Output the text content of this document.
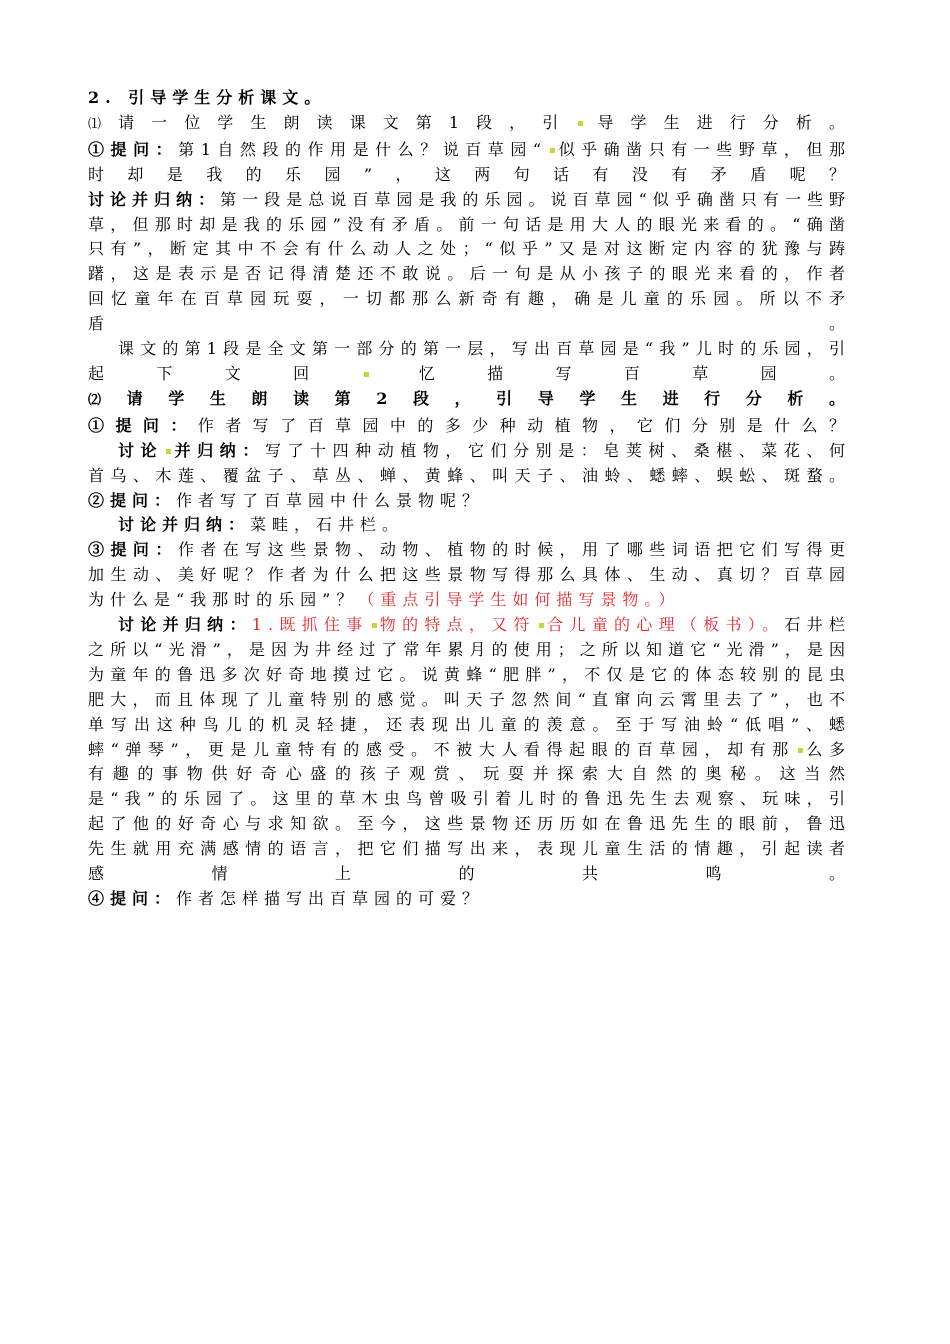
2. 引导学生分析课文。

⑴请一位学生朗读课文第1段，引 导学生进行分析。

①提问：第1自然段的作用是什么？说百草园“ 似乎确凿只有一些野草，但那时却是我的乐园”，这两句话有没有矛盾呢？

讨论并归纳：第一段是总说百草园是我的乐园。说百草园“似乎确凿只有一些野草，但那时却是我的乐园”没有矛盾。前一句话是用大人的眼光来看的。“确凿只有”，断定其中不会有什么动人之处；“似乎”又是对这断定内容的犹豫与踌躇，这是表示是否记得清楚还不敢说。后一句是从小孩子的眼光来看的，作者回忆童年在百草园玩耍，一切都那么新奇有趣，确是儿童的乐园。所以不矛盾。

课文的第1段是全文第一部分的第一层，写出百草园是“我”儿时的乐园，引起下文回 忆描写百草园。

⑵请学生朗读第2段，引导学生进行分析。

①提问：作者写了百草园中的多少种动植物，它们分别是什么？

讨论 并归纳：写了十四种动植物，它们分别是：皂荚树、桑椹、菜花、何首乌、木莲、覆盆子、草丛、蝉、黄蜂、叫天子、油蛉、蟋蟀、蜈蚣、斑蝥。

②提问：作者写了百草园中什么景物呢？

讨论并归纳：菜畦，石井栏。

③提问：作者在写这些景物、动物、植物的时候，用了哪些词语把它们写得更加生动、美好呢？作者为什么把这些景物写得那么具体、生动、真切？百草园为什么是“我那时的乐园”？（重点引导学生如何描写景物。）

讨论并归纳：1.既抓住事 物的特点，又符 合儿童的心理（板书）。石井栏之所以“光滑”，是因为井经过了常年累月的使用；之所以知道它“光滑”，是因为童年的鲁迅多次好奇地摸过它。说黄蜂“肥胖”，不仅是它的体态较别的昆虫肥大，而且体现了儿童特别的感觉。叫天子忽然间“直窜向云霄里去了”，也不单写出这种鸟儿的机灵轻捷，还表现出儿童的羡意。至于写油蛉“低唱”、蟋蟀“弹琴”，更是儿童特有的感受。不被大人看得起眼的百草园，却有那 么多有趣的事物供好奇心盛的孩子观赏、玩耍并探索大自然的奥秘。这当然是“我”的乐园了。这里的草木虫鸟曾吸引着儿时的鲁迅先生去观察、玩味，引起了他的好奇心与求知欲。至今，这些景物还历历如在鲁迅先生的眼前，鲁迅先生就用充满感情的语言，把它们描写出来，表现儿童生活的情趣，引起读者感情上的共鸣。

④提问：作者怎样描写出百草园的可爱？
